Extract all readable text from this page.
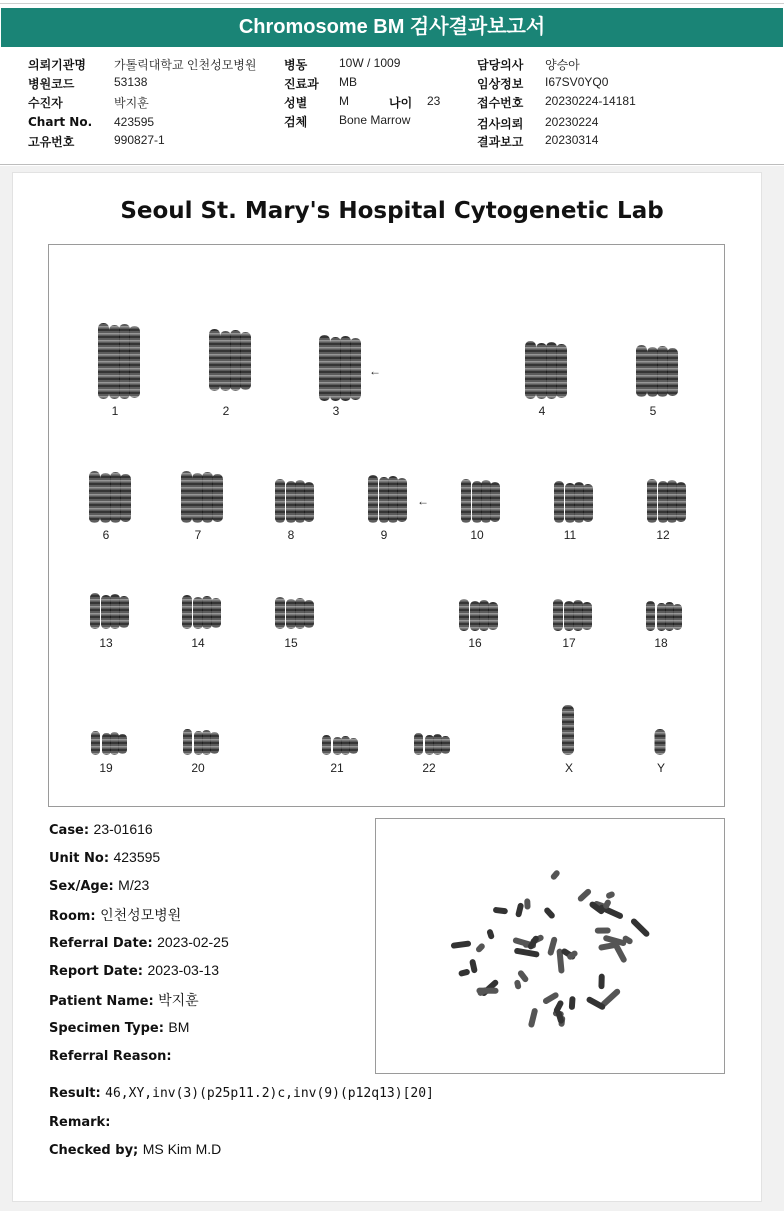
Chromosome BM 검사결과보고서
의뢰기관명	가톨릭대학교 인천성모병원
병원코드	53138
수진자	박지훈
Chart No.	423595
고유번호	990827-1
병동	10W / 1009
진료과	MB
성별	M	나이	23
검체	Bone Marrow
담당의사	양승아
임상정보	I67SV0YQ0
접수번호	20230224-14181
검사의뢰	20230224
결과보고	20230314
Seoul St. Mary's Hospital Cytogenetic Lab
1	2	3
←
4	5
6	7	8	9
←
10	11	12
13	14	15	16	17	18
19	20	21	22	X	Y
Case: 23-01616
Unit No: 423595
Sex/Age: M/23
Room: 인천성모병원
Referral Date: 2023-02-25
Report Date: 2023-03-13
Patient Name: 박지훈
Specimen Type: BM
Referral Reason:
Result: 46,XY,inv(3)(p25p11.2)c,inv(9)(p12q13)[20]
Remark:
Checked by; MS Kim M.D
